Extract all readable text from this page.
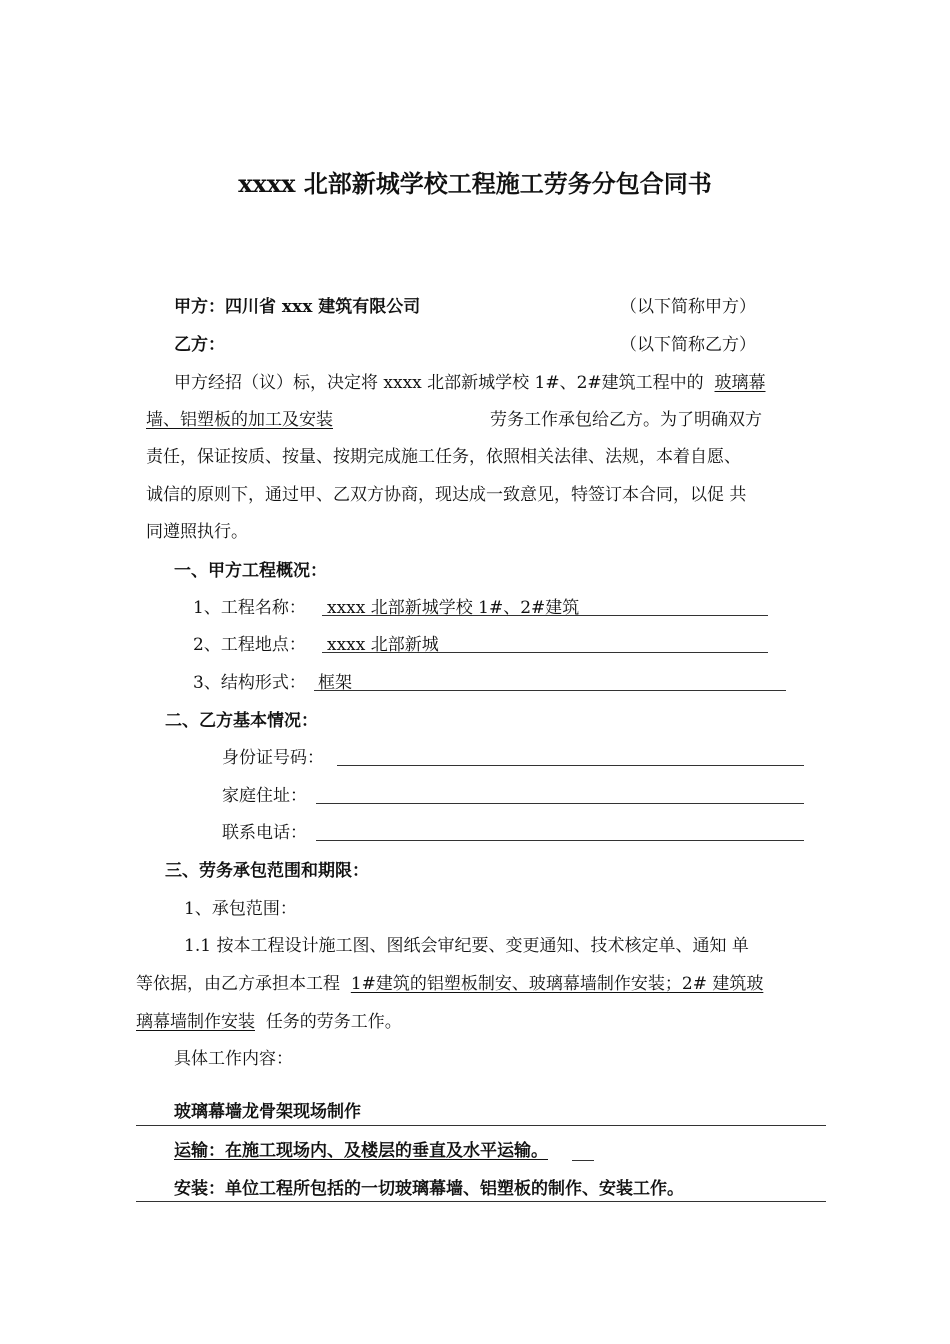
xxxx 北部新城学校工程施工劳务分包合同书
甲方：四川省 xxx 建筑有限公司	（以下简称甲方）
乙方：	（以下简称乙方）
甲方经招（议）标，决定将 xxxx 北部新城学校 1#、2#建筑工程中的 玻璃幕
墙、铝塑板的加工及安装	劳务工作承包给乙方。为了明确双方
责任，保证按质、按量、按期完成施工任务，依照相关法律、法规，本着自愿、
诚信的原则下，通过甲、乙双方协商，现达成一致意见，特签订本合同，以促 共
同遵照执行。
一、甲方工程概况：
1、工程名称： xxxx 北部新城学校 1#、2#建筑
2、工程地点： xxxx 北部新城
3、结构形式： 框架
二、乙方基本情况：
身份证号码：
家庭住址：
联系电话：
三、劳务承包范围和期限：
1、承包范围：
1.1 按本工程设计施工图、图纸会审纪要、变更通知、技术核定单、通知 单
等依据，由乙方承担本工程 1#建筑的铝塑板制安、玻璃幕墙制作安装；2# 建筑玻
璃幕墙制作安装 任务的劳务工作。
具体工作内容：
玻璃幕墙龙骨架现场制作
运输：在施工现场内、及楼层的垂直及水平运输。
安装：单位工程所包括的一切玻璃幕墙、铝塑板的制作、安装工作。
